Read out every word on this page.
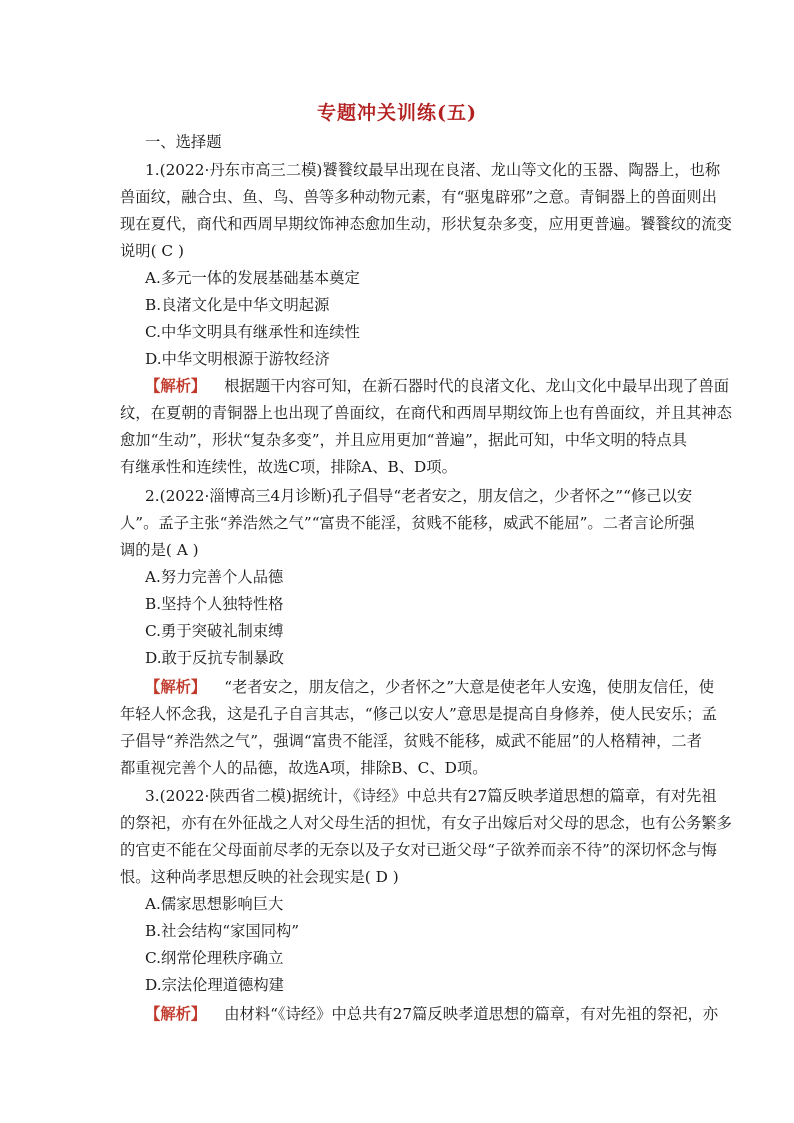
专题冲关训练(五)
一、选择题
1.(2022·丹东市高三二模)饕餮纹最早出现在良渚、龙山等文化的玉器、陶器上，也称
兽面纹，融合虫、鱼、鸟、兽等多种动物元素，有“驱鬼辟邪”之意。青铜器上的兽面则出
现在夏代，商代和西周早期纹饰神态愈加生动，形状复杂多变，应用更普遍。饕餮纹的流变
说明( C )
A.多元一体的发展基础基本奠定
B.良渚文化是中华文明起源
C.中华文明具有继承性和连续性
D.中华文明根源于游牧经济
【 解析 】 根据题干内容可知，在新石器时代的良渚文化、龙山文化中最早出现了兽面
纹，在夏朝的青铜器上也出现了兽面纹，在商代和西周早期纹饰上也有兽面纹，并且其神态
愈加“生动”，形状“复杂多变”，并且应用更加“普遍”，据此可知，中华文明的特点具
有继承性和连续性，故选C项，排除A、B、D项。
2.(2022·淄博高三4月诊断)孔子倡导“老者安之，朋友信之，少者怀之”“修己以安
人”。孟子主张“养浩然之气”“富贵不能淫，贫贱不能移，威武不能屈”。二者言论所强
调的是( A )
A.努力完善个人品德
B.坚持个人独特性格
C.勇于突破礼制束缚
D.敢于反抗专制暴政
【 解析 】 “老者安之，朋友信之，少者怀之”大意是使老年人安逸，使朋友信任，使
年轻人怀念我，这是孔子自言其志，“修己以安人”意思是提高自身修养，使人民安乐；孟
子倡导“养浩然之气”，强调“富贵不能淫，贫贱不能移，威武不能屈”的人格精神，二者
都重视完善个人的品德，故选A项，排除B、C、D项。
3.(2022·陕西省二模)据统计，《诗经》中总共有27篇反映孝道思想的篇章，有对先祖
的祭祀，亦有在外征战之人对父母生活的担忧，有女子出嫁后对父母的思念，也有公务繁多
的官吏不能在父母面前尽孝的无奈以及子女对已逝父母“子欲养而亲不待”的深切怀念与悔
恨。这种尚孝思想反映的社会现实是( D )
A.儒家思想影响巨大
B.社会结构“家国同构”
C.纲常伦理秩序确立
D.宗法伦理道德构建
【 解析 】 由材料“《诗经》中总共有27篇反映孝道思想的篇章，有对先祖的祭祀，亦
